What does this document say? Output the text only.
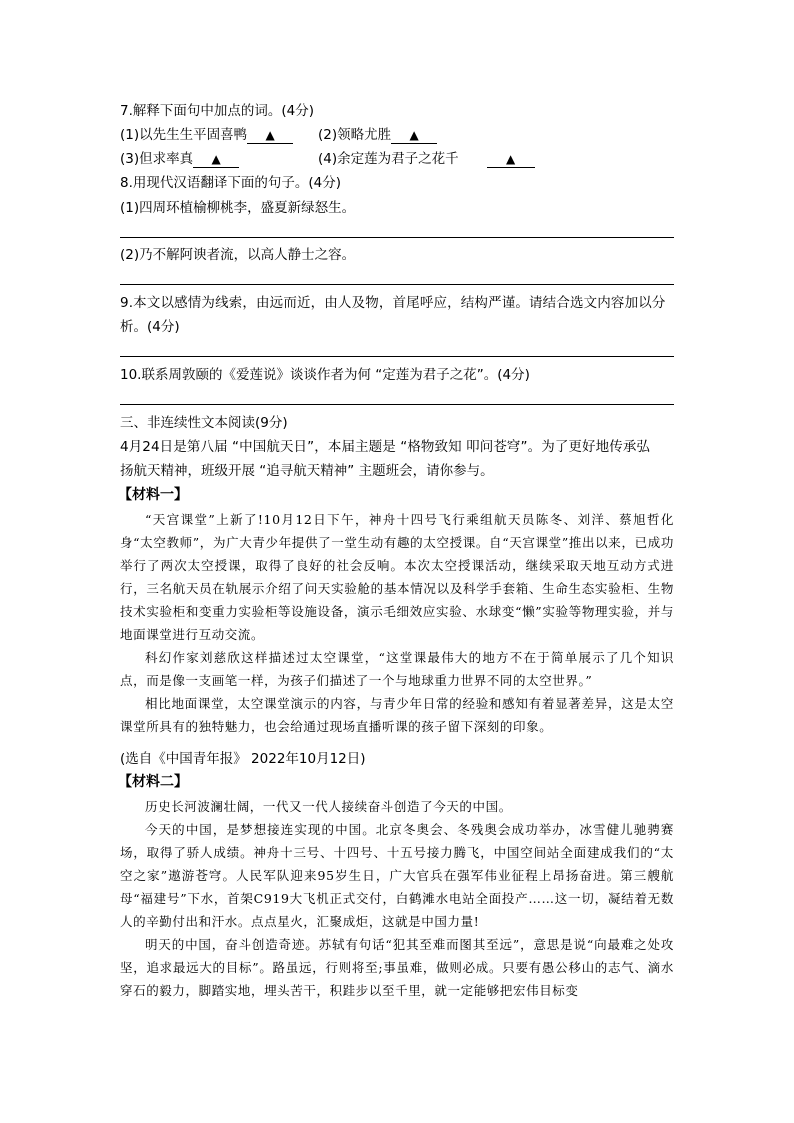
7.解释下面句中加点的词。(4分)
(1)以先生生平固喜鸭 ▲	(2)领略尤胜 ▲
(3)但求率真 ▲	(4)余定莲为君子之花千	▲
8.用现代汉语翻译下面的句子。(4分)
(1)四周环植榆柳桃李，盛夏新绿怒生。
(2)乃不解阿谀者流，以高人静士之容。
9.本文以感情为线索，由远而近，由人及物，首尾呼应，结构严谨。请结合选文内容加以分
析。(4分)
10.联系周敦颐的《爱莲说》谈谈作者为何 “定莲为君子之花”。(4分)
三、非连续性文本阅读(9分)
4月24日是第八届 “中国航天日”，本届主题是 “格物致知 叩问苍穹”。为了更好地传承弘
扬航天精神，班级开展 “追寻航天精神” 主题班会，请你参与。
【材料一】

“天宫课堂”上新了!10月12日下午，神舟十四号飞行乘组航天员陈冬、刘洋、蔡旭哲化身“太空教师”，为广大青少年提供了一堂生动有趣的太空授课。自“天宫课堂”推出以来，已成功举行了两次太空授课，取得了良好的社会反响。本次太空授课活动，继续采取天地互动方式进行，三名航天员在轨展示介绍了问天实验舱的基本情况以及科学手套箱、生命生态实验柜、生物技术实验柜和变重力实验柜等设施设备，演示毛细效应实验、水球变“懒”实验等物理实验，并与地面课堂进行互动交流。

科幻作家刘慈欣这样描述过太空课堂，“这堂课最伟大的地方不在于简单展示了几个知识点，而是像一支画笔一样，为孩子们描述了一个与地球重力世界不同的太空世界。”

相比地面课堂，太空课堂演示的内容，与青少年日常的经验和感知有着显著差异，这是太空课堂所具有的独特魅力，也会给通过现场直播听课的孩子留下深刻的印象。

(选自《中国青年报》 2022年10月12日)
【材料二】

历史长河波澜壮阔，一代又一代人接续奋斗创造了今天的中国。

今天的中国，是梦想接连实现的中国。北京冬奥会、冬残奥会成功举办，冰雪健儿驰骋赛场，取得了骄人成绩。神舟十三号、十四号、十五号接力腾飞，中国空间站全面建成我们的“太空之家”遨游苍穹。人民军队迎来95岁生日，广大官兵在强军伟业征程上昂扬奋进。第三艘航母“福建号”下水，首架C919大飞机正式交付，白鹤滩水电站全面投产……这一切，凝结着无数人的辛勤付出和汗水。点点星火，汇聚成炬，这就是中国力量!

明天的中国，奋斗创造奇迹。苏轼有句话“犯其至难而图其至远”，意思是说“向最难之处攻坚，追求最远大的目标”。路虽远，行则将至;事虽难，做则必成。只要有愚公移山的志气、滴水穿石的毅力，脚踏实地，埋头苦干，积跬步以至千里，就一定能够把宏伟目标变
